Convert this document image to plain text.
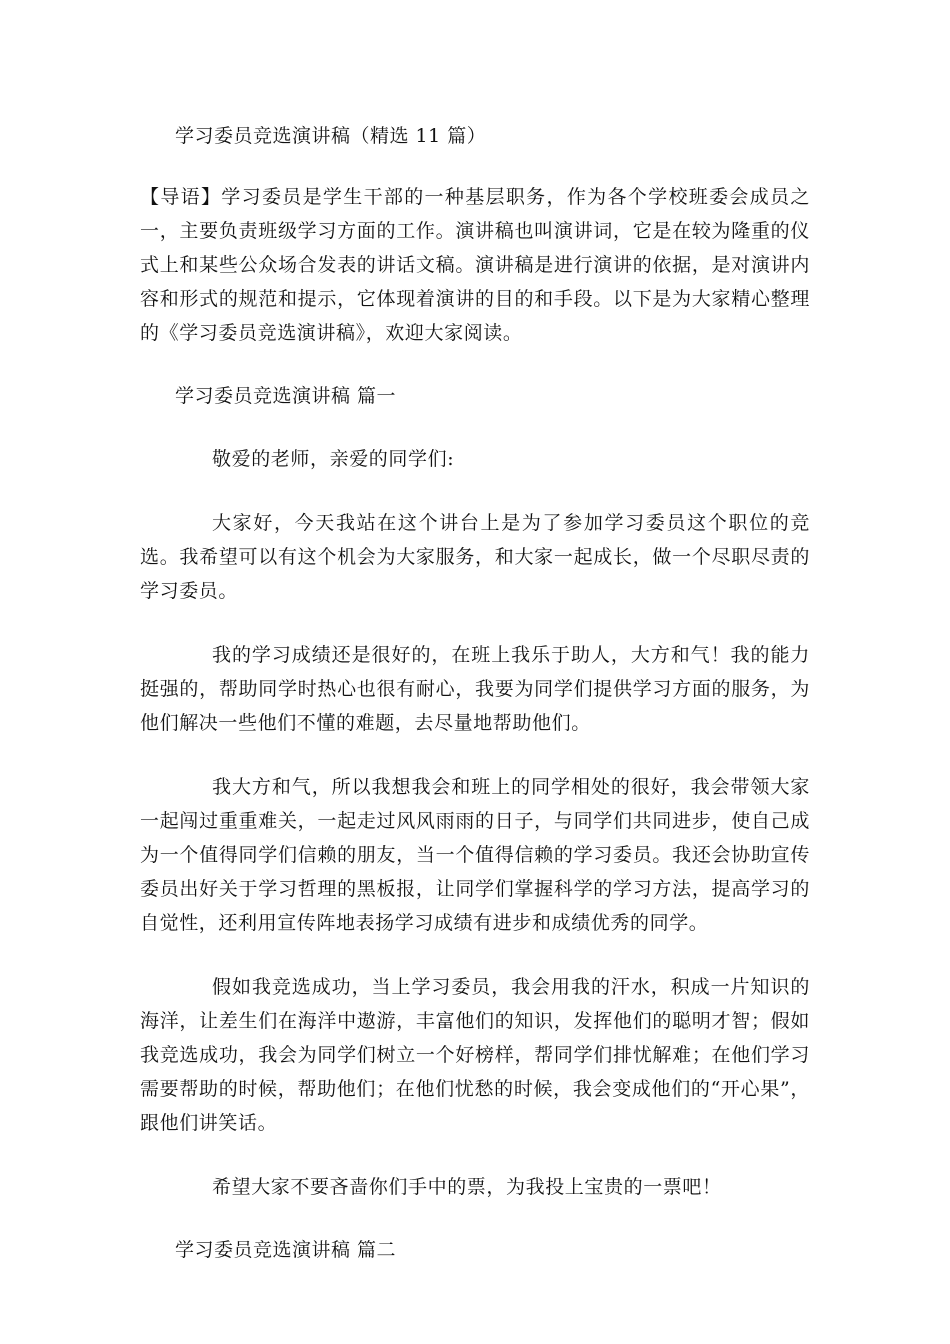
学习委员竞选演讲稿（精选 11 篇）

【导语】学习委员是学生干部的一种基层职务，作为各个学校班委会成员之一，主要负责班级学习方面的工作。演讲稿也叫演讲词，它是在较为隆重的仪式上和某些公众场合发表的讲话文稿。演讲稿是进行演讲的依据，是对演讲内容和形式的规范和提示，它体现着演讲的目的和手段。以下是为大家精心整理的《学习委员竞选演讲稿》，欢迎大家阅读。

学习委员竞选演讲稿 篇一

敬爱的老师，亲爱的同学们:

大家好，今天我站在这个讲台上是为了参加学习委员这个职位的竞选。我希望可以有这个机会为大家服务，和大家一起成长，做一个尽职尽责的学习委员。

我的学习成绩还是很好的，在班上我乐于助人，大方和气！我的能力挺强的，帮助同学时热心也很有耐心，我要为同学们提供学习方面的服务，为他们解决一些他们不懂的难题，去尽量地帮助他们。

我大方和气，所以我想我会和班上的同学相处的很好，我会带领大家一起闯过重重难关，一起走过风风雨雨的日子，与同学们共同进步，使自己成为一个值得同学们信赖的朋友，当一个值得信赖的学习委员。我还会协助宣传委员出好关于学习哲理的黑板报，让同学们掌握科学的学习方法，提高学习的自觉性，还利用宣传阵地表扬学习成绩有进步和成绩优秀的同学。

假如我竞选成功，当上学习委员，我会用我的汗水，积成一片知识的海洋，让差生们在海洋中遨游，丰富他们的知识，发挥他们的聪明才智；假如我竞选成功，我会为同学们树立一个好榜样，帮同学们排忧解难；在他们学习需要帮助的时候，帮助他们；在他们忧愁的时候，我会变成他们的“开心果”，跟他们讲笑话。

希望大家不要吝啬你们手中的票，为我投上宝贵的一票吧！

学习委员竞选演讲稿 篇二
